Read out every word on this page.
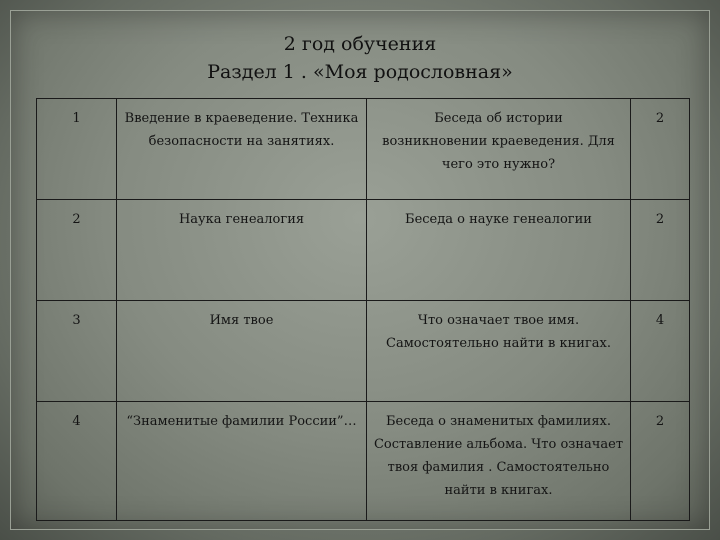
2 год обучения
Раздел 1 . «Моя родословная»
1	Введение в краеведение. Техника
безопасности на занятиях.	Беседа об истории
возникновении краеведения. Для
чего это нужно?	2
2	Наука генеалогия	Беседа о науке генеалогии	2
3	Имя твое	Что означает твое имя.
Самостоятельно найти в книгах.	4
4	“Знаменитые фамилии России”…	Беседа о знаменитых фамилиях.
Составление альбома. Что означает
твоя фамилия . Самостоятельно
найти в книгах.	2
